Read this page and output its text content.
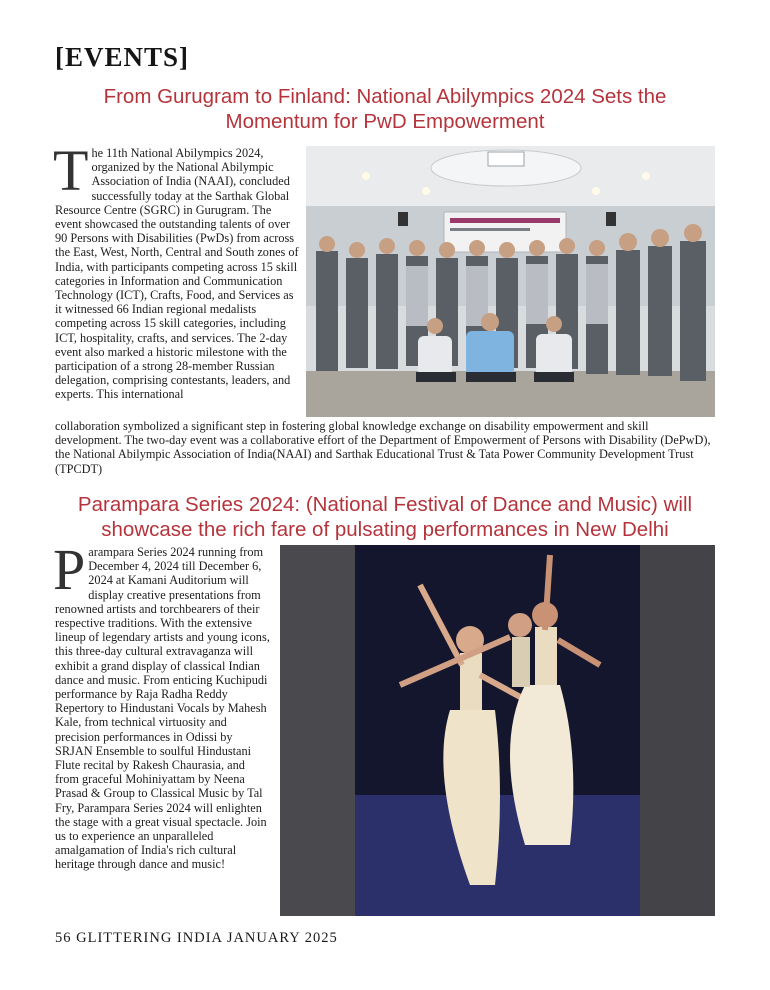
[EVENTS]
From Gurugram to Finland: National Abilympics 2024 Sets the Momentum for PwD Empowerment
The 11th National Abilympics 2024, organized by the National Abilympic Association of India (NAAI), concluded successfully today at the Sarthak Global Resource Centre (SGRC) in Gurugram. The event showcased the outstanding talents of over 90 Persons with Disabilities (PwDs) from across the East, West, North, Central and South zones of India, with participants competing across 15 skill categories in Information and Communication Technology (ICT), Crafts, Food, and Services as it witnessed 66 Indian regional medalists competing across 15 skill categories, including ICT, hospitality, crafts, and services. The 2-day event also marked a historic milestone with the participation of a strong 28-member Russian delegation, comprising contestants, leaders, and experts. This international
collaboration symbolized a significant step in fostering global knowledge exchange on disability empowerment and skill development. The two-day event was a collaborative effort of the Department of Empowerment of Persons with Disability (DePwD), the National Abilympic Association of India(NAAI) and Sarthak Educational Trust & Tata Power Community Development Trust (TPCDT)
Parampara Series 2024: (National Festival of Dance and Music) will showcase the rich fare of pulsating performances in New Delhi
Parampara Series 2024 running from December 4, 2024 till December 6, 2024 at Kamani Auditorium will display creative presentations from renowned artists and torchbearers of their respective traditions. With the extensive lineup of legendary artists and young icons, this three-day cultural extravaganza will exhibit a grand display of classical Indian dance and music. From enticing Kuchipudi performance by Raja Radha Reddy Repertory to Hindustani Vocals by Mahesh Kale, from technical virtuosity and precision performances in Odissi by SRJAN Ensemble to soulful Hindustani Flute recital by Rakesh Chaurasia, and from graceful Mohiniyattam by Neena Prasad & Group to Classical Music by Tal Fry, Parampara Series 2024 will enlighten the stage with a great visual spectacle. Join us to experience an unparalleled amalgamation of India's rich cultural heritage through dance and music!
56 GLITTERING INDIA JANUARY 2025
